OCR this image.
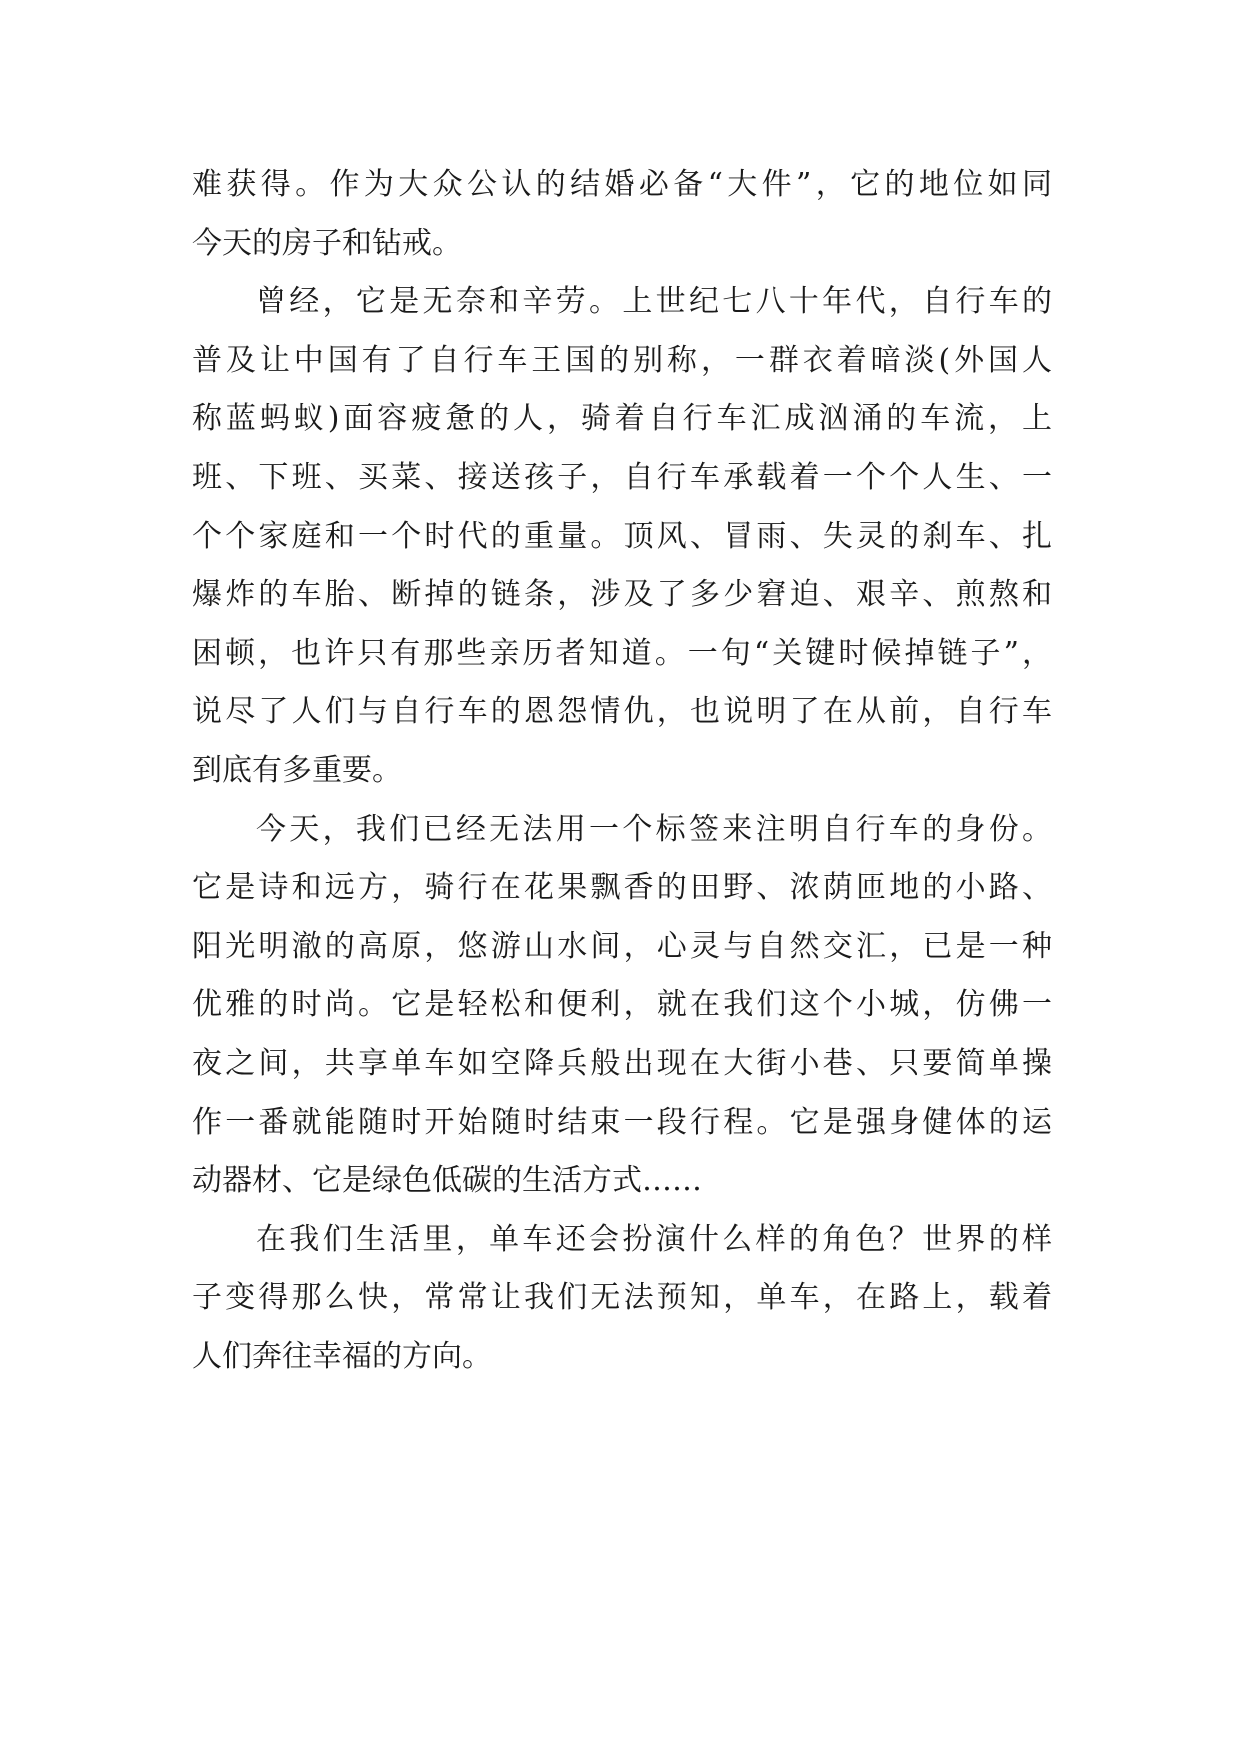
难获得。作为大众公认的结婚必备“大件”，它的地位如同
今天的房子和钻戒。
曾经，它是无奈和辛劳。上世纪七八十年代，自行车的
普及让中国有了自行车王国的别称，一群衣着暗淡(外国人
称蓝蚂蚁)面容疲惫的人，骑着自行车汇成汹涌的车流，上
班、下班、买菜、接送孩子，自行车承载着一个个人生、一
个个家庭和一个时代的重量。顶风、冒雨、失灵的刹车、扎
爆炸的车胎、断掉的链条，涉及了多少窘迫、艰辛、煎熬和
困顿，也许只有那些亲历者知道。一句“关键时候掉链子”，
说尽了人们与自行车的恩怨情仇，也说明了在从前，自行车
到底有多重要。
今天，我们已经无法用一个标签来注明自行车的身份。
它是诗和远方，骑行在花果飘香的田野、浓荫匝地的小路、
阳光明澈的高原，悠游山水间，心灵与自然交汇，已是一种
优雅的时尚。它是轻松和便利，就在我们这个小城，仿佛一
夜之间，共享单车如空降兵般出现在大街小巷、只要简单操
作一番就能随时开始随时结束一段行程。它是强身健体的运
动器材、它是绿色低碳的生活方式……
在我们生活里，单车还会扮演什么样的角色？世界的样
子变得那么快，常常让我们无法预知，单车，在路上，载着
人们奔往幸福的方向。
